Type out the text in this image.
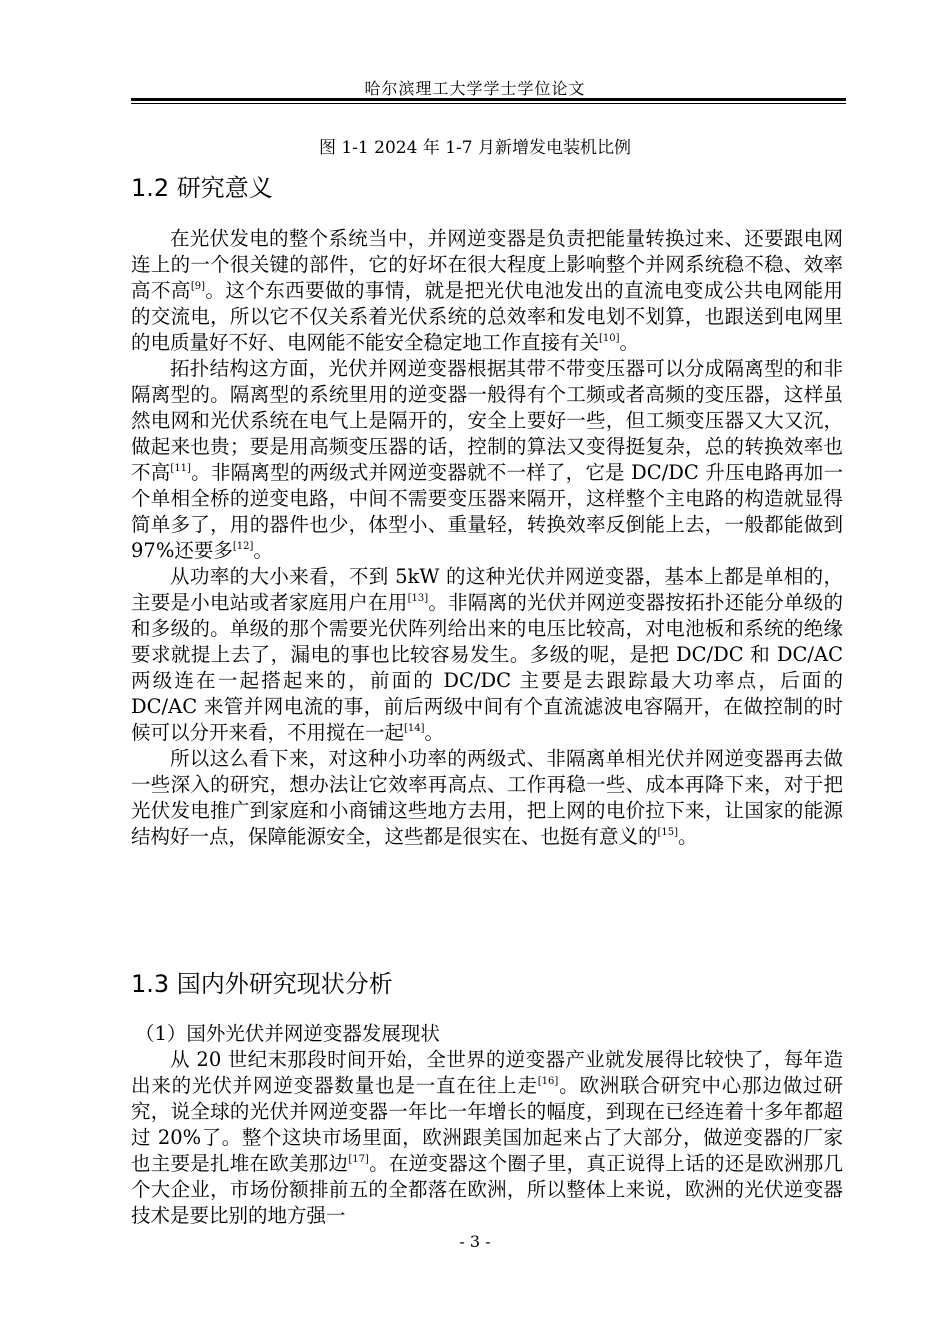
哈尔滨理工大学学士学位论文
图 1-1 2024 年 1-7 月新增发电装机比例
1.2 研究意义

在光伏发电的整个系统当中，并网逆变器是负责把能量转换过来、还要跟电网连上的一个很关键的部件，它的好坏在很大程度上影响整个并网系统稳不稳、效率高不高[9]。这个东西要做的事情，就是把光伏电池发出的直流电变成公共电网能用的交流电，所以它不仅关系着光伏系统的总效率和发电划不划算，也跟送到电网里的电质量好不好、电网能不能安全稳定地工作直接有关[10]。

拓扑结构这方面，光伏并网逆变器根据其带不带变压器可以分成隔离型的和非隔离型的。隔离型的系统里用的逆变器一般得有个工频或者高频的变压器，这样虽然电网和光伏系统在电气上是隔开的，安全上要好一些，但工频变压器又大又沉，做起来也贵；要是用高频变压器的话，控制的算法又变得挺复杂，总的转换效率也不高[11]。非隔离型的两级式并网逆变器就不一样了，它是 DC/DC 升压电路再加一个单相全桥的逆变电路，中间不需要变压器来隔开，这样整个主电路的构造就显得简单多了，用的器件也少，体型小、重量轻，转换效率反倒能上去，一般都能做到 97%还要多[12]。

从功率的大小来看，不到 5kW 的这种光伏并网逆变器，基本上都是单相的，主要是小电站或者家庭用户在用[13]。非隔离的光伏并网逆变器按拓扑还能分单级的和多级的。单级的那个需要光伏阵列给出来的电压比较高，对电池板和系统的绝缘要求就提上去了，漏电的事也比较容易发生。多级的呢，是把 DC/DC 和 DC/AC 两级连在一起搭起来的，前面的 DC/DC 主要是去跟踪最大功率点，后面的 DC/AC 来管并网电流的事，前后两级中间有个直流滤波电容隔开，在做控制的时候可以分开来看，不用搅在一起[14]。

所以这么看下来，对这种小功率的两级式、非隔离单相光伏并网逆变器再去做一些深入的研究，想办法让它效率再高点、工作再稳一些、成本再降下来，对于把光伏发电推广到家庭和小商铺这些地方去用，把上网的电价拉下来，让国家的能源结构好一点，保障能源安全，这些都是很实在、也挺有意义的[15]。

1.3 国内外研究现状分析

（1）国外光伏并网逆变器发展现状

从 20 世纪末那段时间开始，全世界的逆变器产业就发展得比较快了，每年造出来的光伏并网逆变器数量也是一直在往上走[16]。欧洲联合研究中心那边做过研究，说全球的光伏并网逆变器一年比一年增长的幅度，到现在已经连着十多年都超过 20%了。整个这块市场里面，欧洲跟美国加起来占了大部分，做逆变器的厂家也主要是扎堆在欧美那边[17]。在逆变器这个圈子里，真正说得上话的还是欧洲那几个大企业，市场份额排前五的全都落在欧洲，所以整体上来说，欧洲的光伏逆变器技术是要比别的地方强一

- 3 -
